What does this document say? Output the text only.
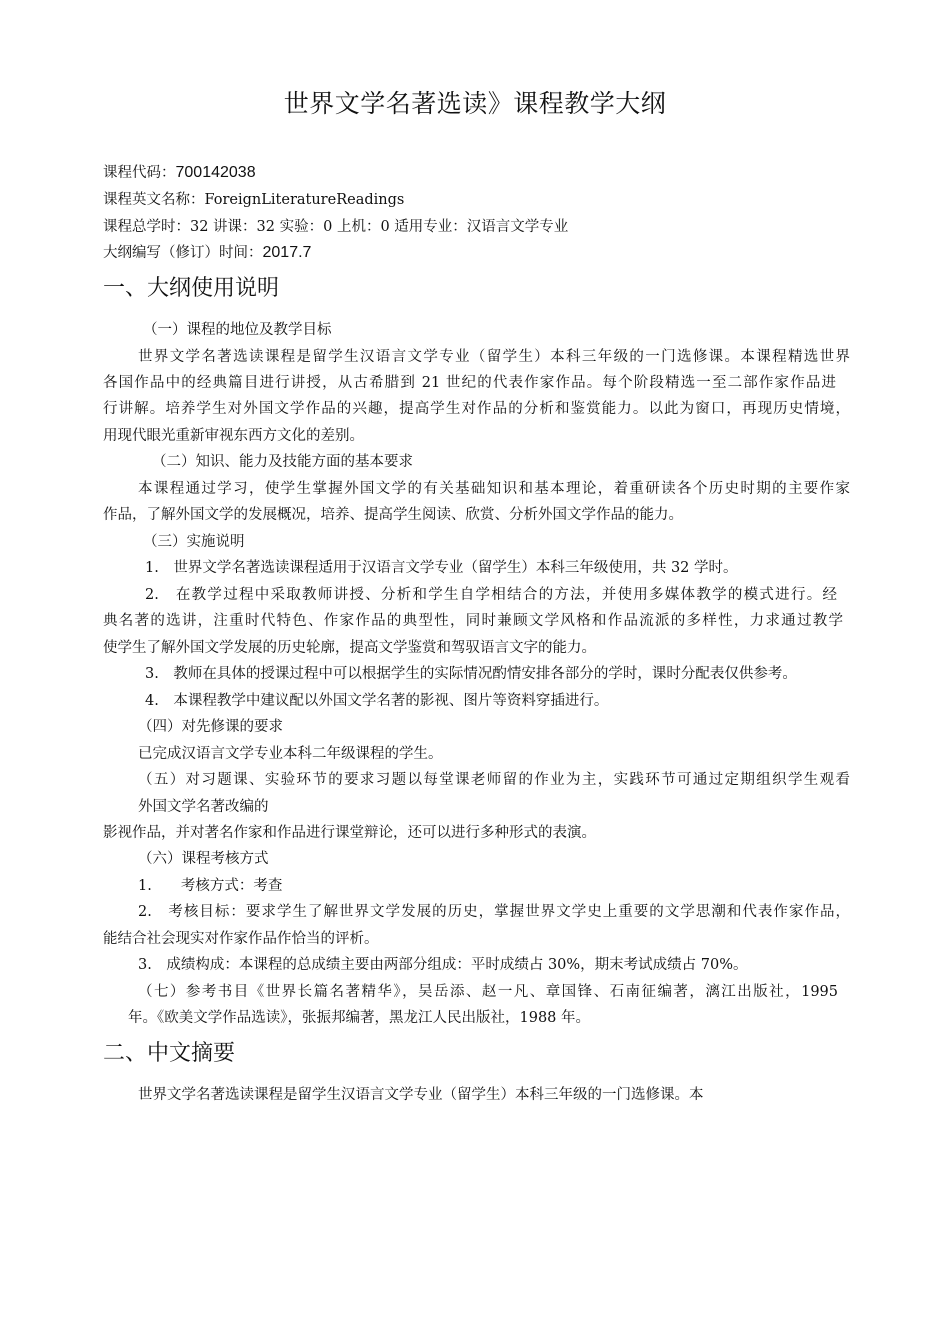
世界文学名著选读》课程教学大纲
课程代码：700142038
课程英文名称：ForeignLiteratureReadings
课程总学时：32 讲课：32 实验：0 上机：0 适用专业：汉语言文学专业
大纲编写（修订）时间：2017.7
一、大纲使用说明
（一）课程的地位及教学目标
世界文学名著选读课程是留学生汉语言文学专业（留学生）本科三年级的一门选修课。本课程精选世界
各国作品中的经典篇目进行讲授，从古希腊到 21 世纪的代表作家作品。每个阶段精选一至二部作家作品进
行讲解。培养学生对外国文学作品的兴趣，提高学生对作品的分析和鉴赏能力。以此为窗口，再现历史情境，
用现代眼光重新审视东西方文化的差别。
（二）知识、能力及技能方面的基本要求
本课程通过学习，使学生掌握外国文学的有关基础知识和基本理论，着重研读各个历史时期的主要作家
作品，了解外国文学的发展概况，培养、提高学生阅读、欣赏、分析外国文学作品的能力。
（三）实施说明
1.　世界文学名著选读课程适用于汉语言文学专业（留学生）本科三年级使用，共 32 学时。
2.　在教学过程中采取教师讲授、分析和学生自学相结合的方法，并使用多媒体教学的模式进行。经
典名著的选讲，注重时代特色、作家作品的典型性，同时兼顾文学风格和作品流派的多样性，力求通过教学
使学生了解外国文学发展的历史轮廓，提高文学鉴赏和驾驭语言文字的能力。
3.　教师在具体的授课过程中可以根据学生的实际情况酌情安排各部分的学时，课时分配表仅供参考。
4.　本课程教学中建议配以外国文学名著的影视、图片等资料穿插进行。
（四）对先修课的要求
已完成汉语言文学专业本科二年级课程的学生。
（五）对习题课、实验环节的要求习题以每堂课老师留的作业为主，实践环节可通过定期组织学生观看
外国文学名著改编的
影视作品，并对著名作家和作品进行课堂辩论，还可以进行多种形式的表演。
（六）课程考核方式
1.　　考核方式：考查
2.　考核目标：要求学生了解世界文学发展的历史，掌握世界文学史上重要的文学思潮和代表作家作品，
能结合社会现实对作家作品作恰当的评析。
3.　成绩构成：本课程的总成绩主要由两部分组成：平时成绩占 30%，期末考试成绩占 70%。
（七）参考书目《世界长篇名著精华》，吴岳添、赵一凡、章国锋、石南征编著，漓江出版社，1995
年。《欧美文学作品选读》，张振邦编著，黑龙江人民出版社，1988 年。
二、中文摘要
世界文学名著选读课程是留学生汉语言文学专业（留学生）本科三年级的一门选修课。本
